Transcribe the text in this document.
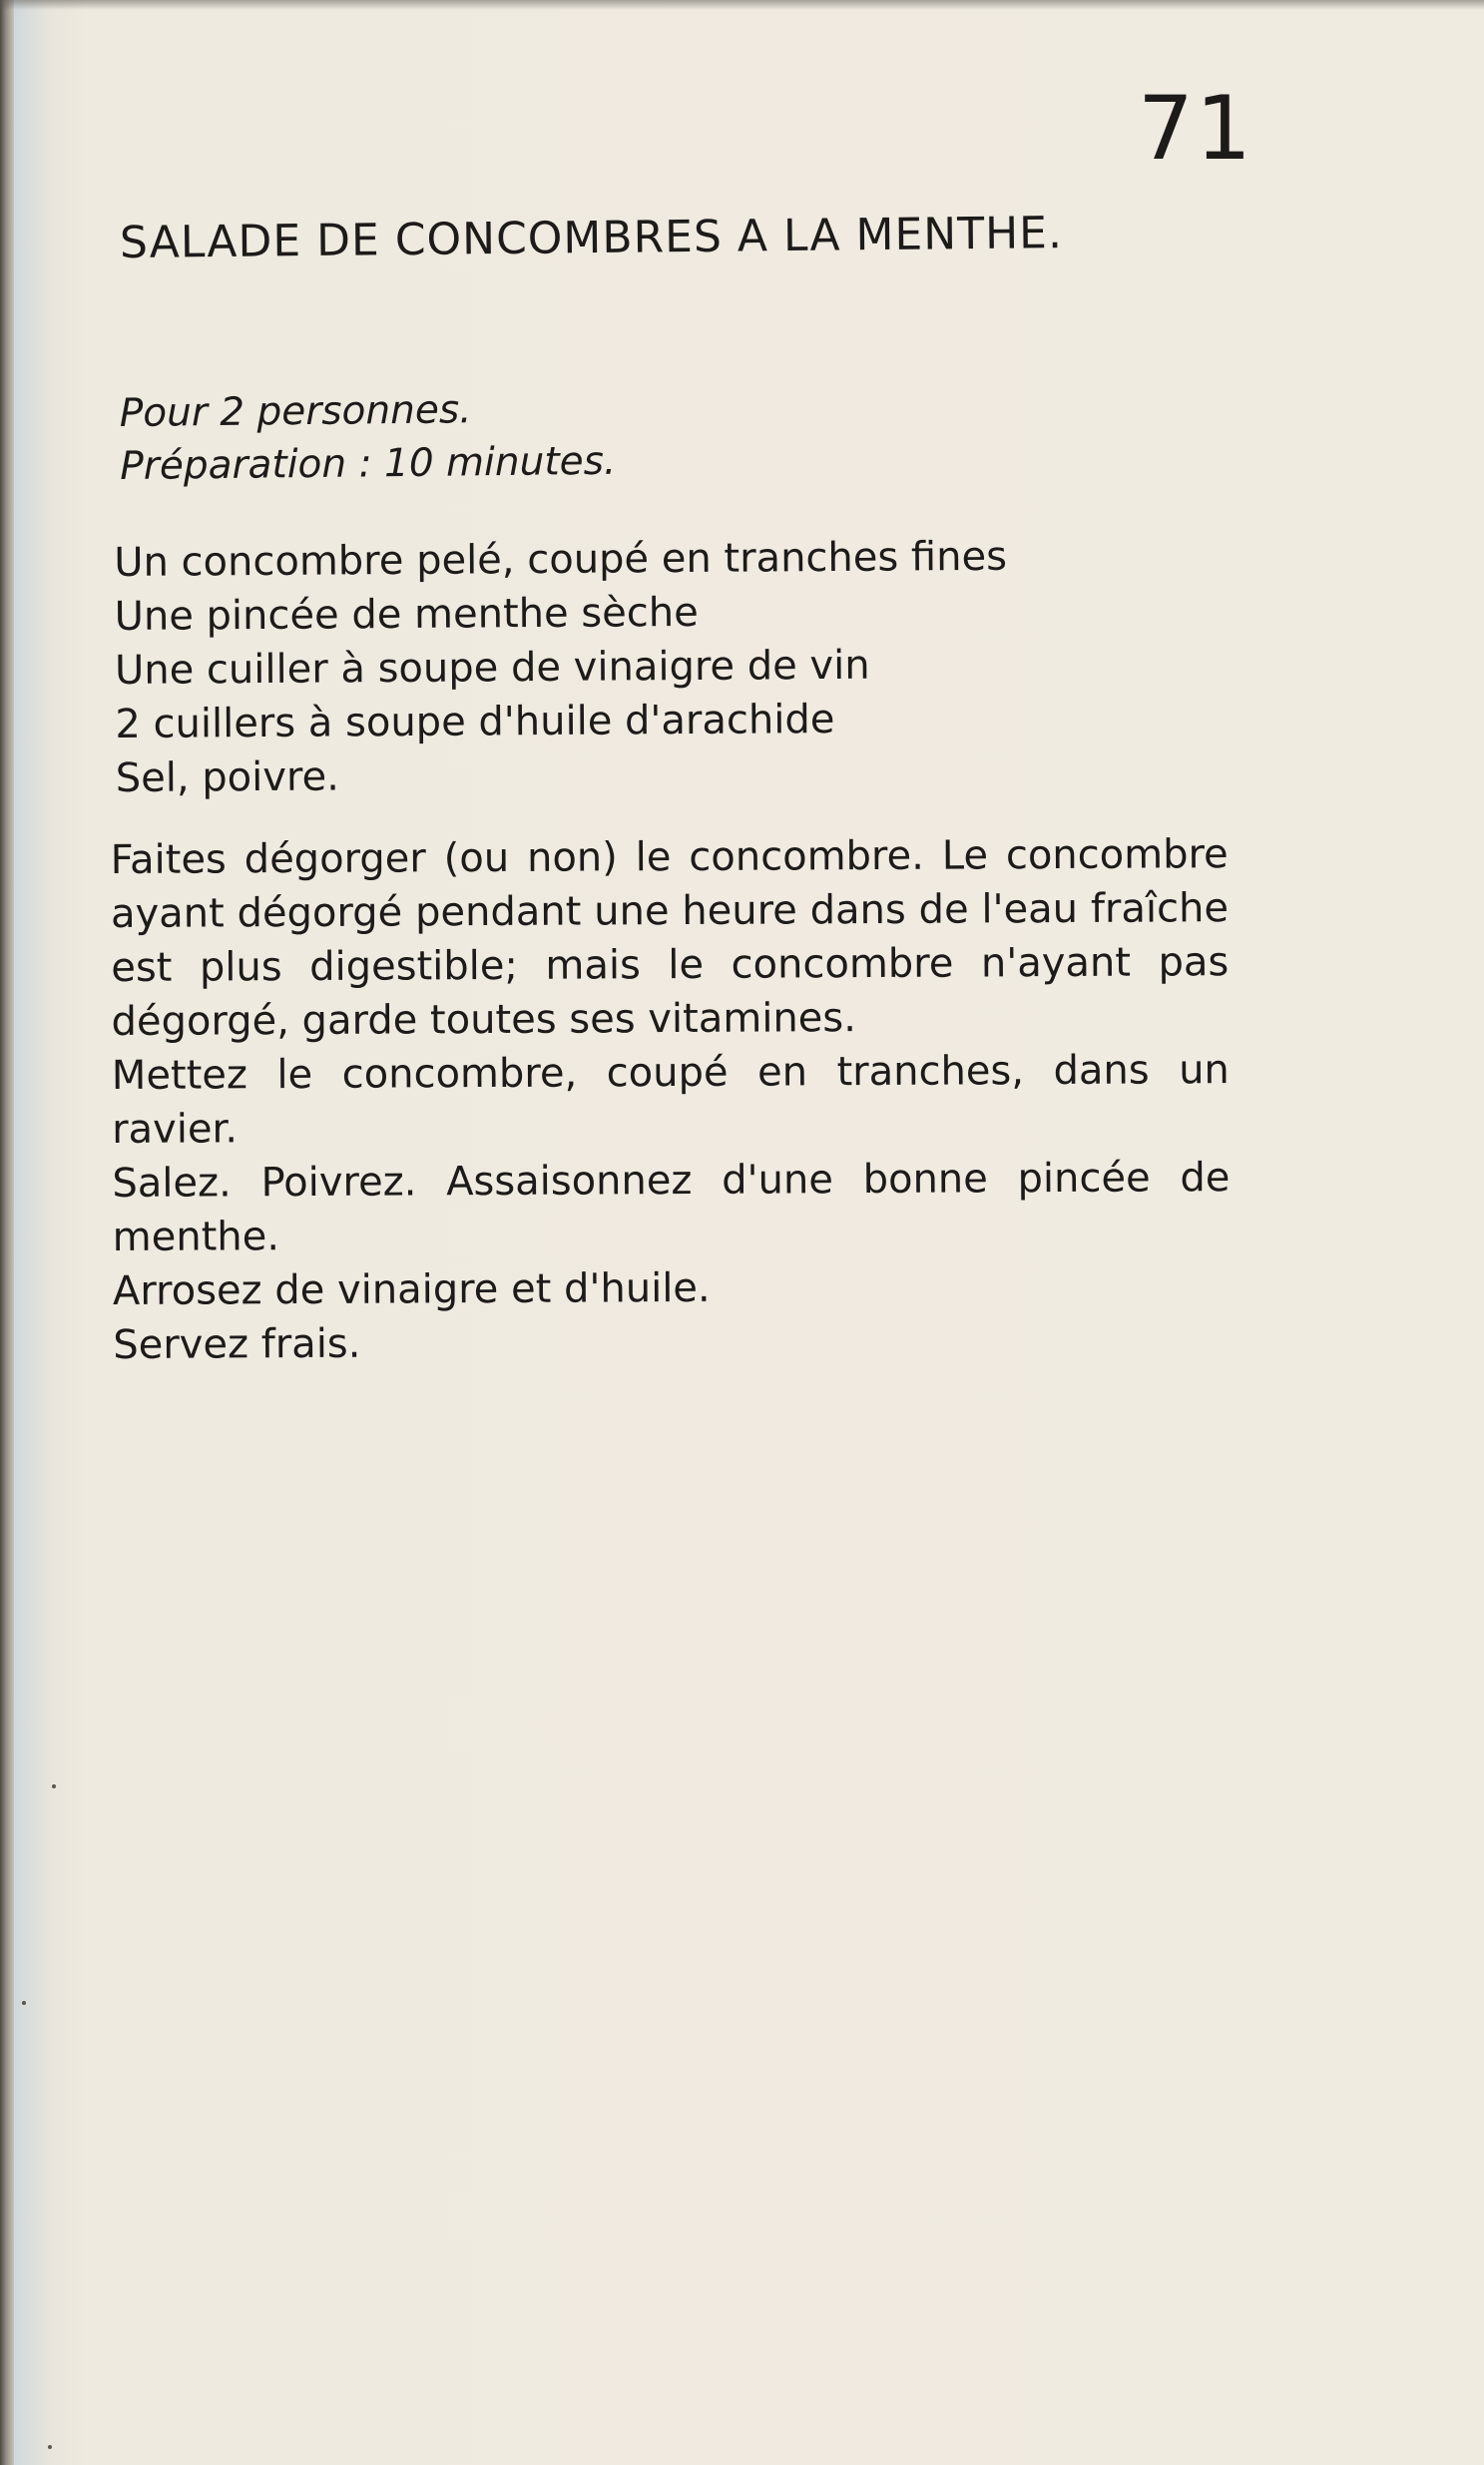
71
SALADE DE CONCOMBRES A LA MENTHE.
Pour 2 personnes.
Préparation : 10 minutes.
Un concombre pelé, coupé en tranches fines
Une pincée de menthe sèche
Une cuiller à soupe de vinaigre de vin
2 cuillers à soupe d'huile d'arachide
Sel, poivre.
Faites dégorger (ou non) le concombre. Le concombre ayant dégorgé pendant une heure dans de l'eau fraîche est plus digestible; mais le concombre n'ayant pas dégorgé, garde toutes ses vitamines.
Mettez le concombre, coupé en tranches, dans un ravier.
Salez. Poivrez. Assaisonnez d'une bonne pincée de menthe.
Arrosez de vinaigre et d'huile.
Servez frais.
